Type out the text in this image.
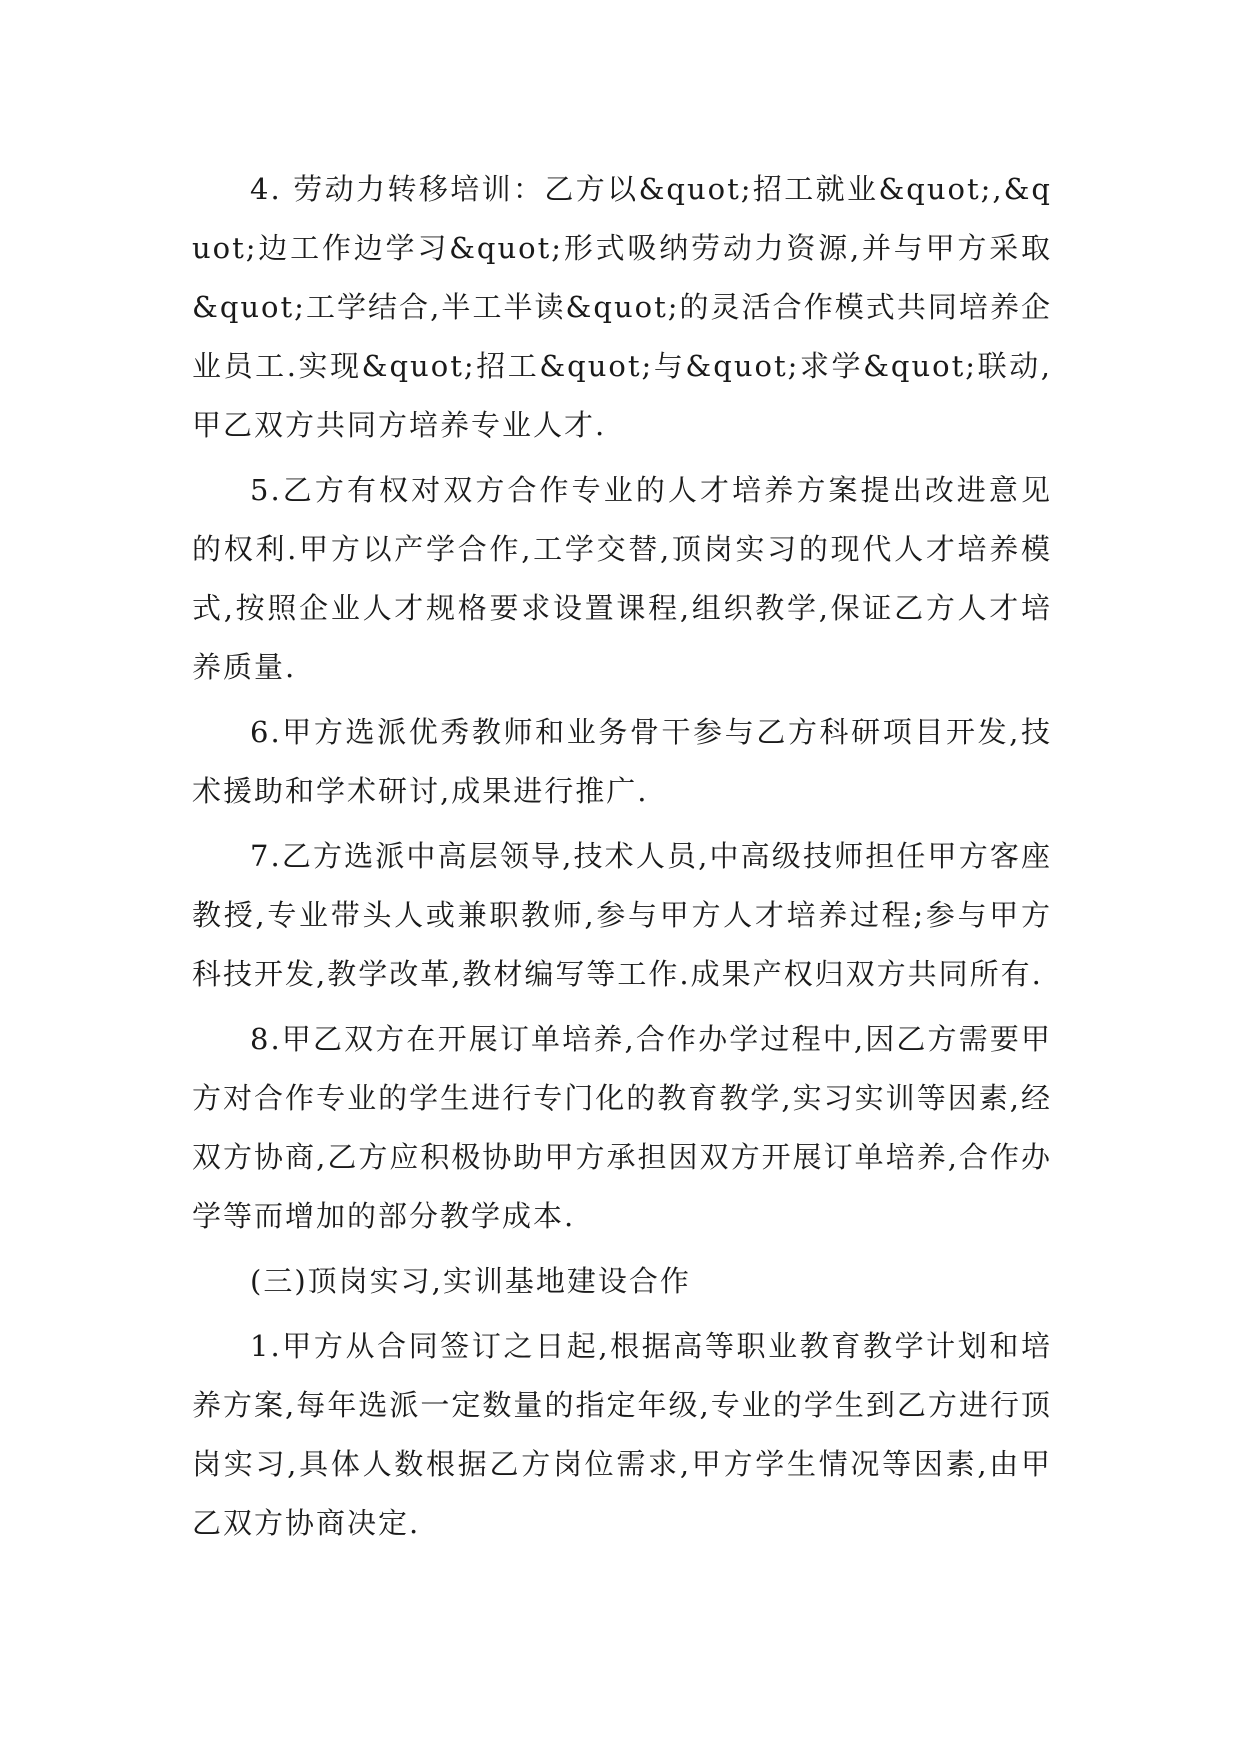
4. 劳动力转移培训：乙方以&quot;招工就业&quot;,&quot;边工作边学习&quot;形式吸纳劳动力资源,并与甲方采取&quot;工学结合,半工半读&quot;的灵活合作模式共同培养企业员工.实现&quot;招工&quot;与&quot;求学&quot;联动,甲乙双方共同方培养专业人才.

5.乙方有权对双方合作专业的人才培养方案提出改进意见的权利.甲方以产学合作,工学交替,顶岗实习的现代人才培养模式,按照企业人才规格要求设置课程,组织教学,保证乙方人才培养质量.

6.甲方选派优秀教师和业务骨干参与乙方科研项目开发,技术援助和学术研讨,成果进行推广.

7.乙方选派中高层领导,技术人员,中高级技师担任甲方客座教授,专业带头人或兼职教师,参与甲方人才培养过程;参与甲方科技开发,教学改革,教材编写等工作.成果产权归双方共同所有.

8.甲乙双方在开展订单培养,合作办学过程中,因乙方需要甲方对合作专业的学生进行专门化的教育教学,实习实训等因素,经双方协商,乙方应积极协助甲方承担因双方开展订单培养,合作办学等而增加的部分教学成本.

(三)顶岗实习,实训基地建设合作

1.甲方从合同签订之日起,根据高等职业教育教学计划和培养方案,每年选派一定数量的指定年级,专业的学生到乙方进行顶岗实习,具体人数根据乙方岗位需求,甲方学生情况等因素,由甲乙双方协商决定.
